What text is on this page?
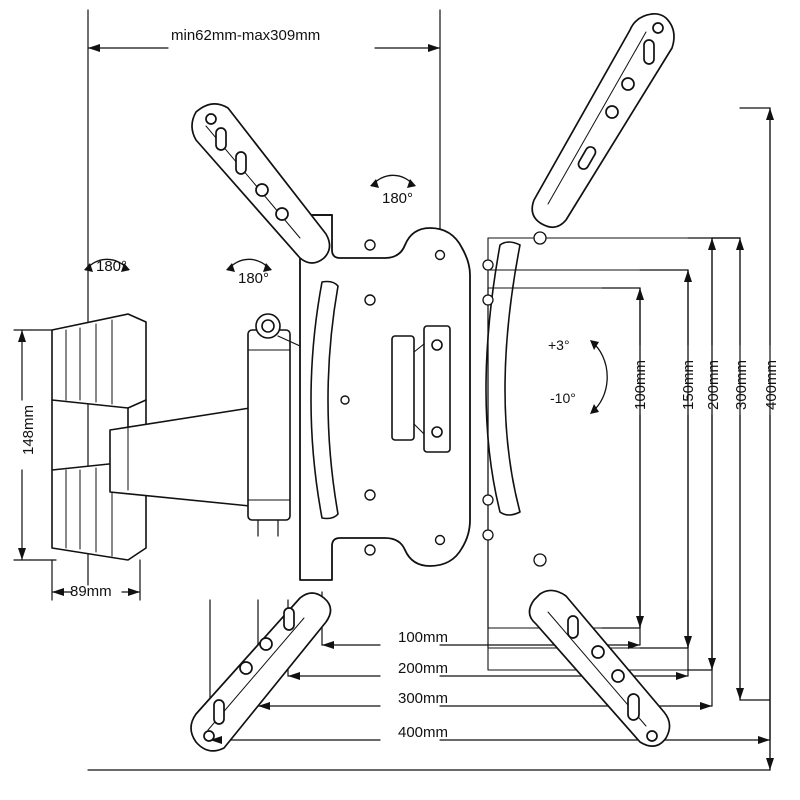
min62mm-max309mm
148mm
89mm
180°
180°
180°
+3°
-10°	100mm 150mm 200mm 300mm 400mm
100mm
200mm
300mm
400mm
